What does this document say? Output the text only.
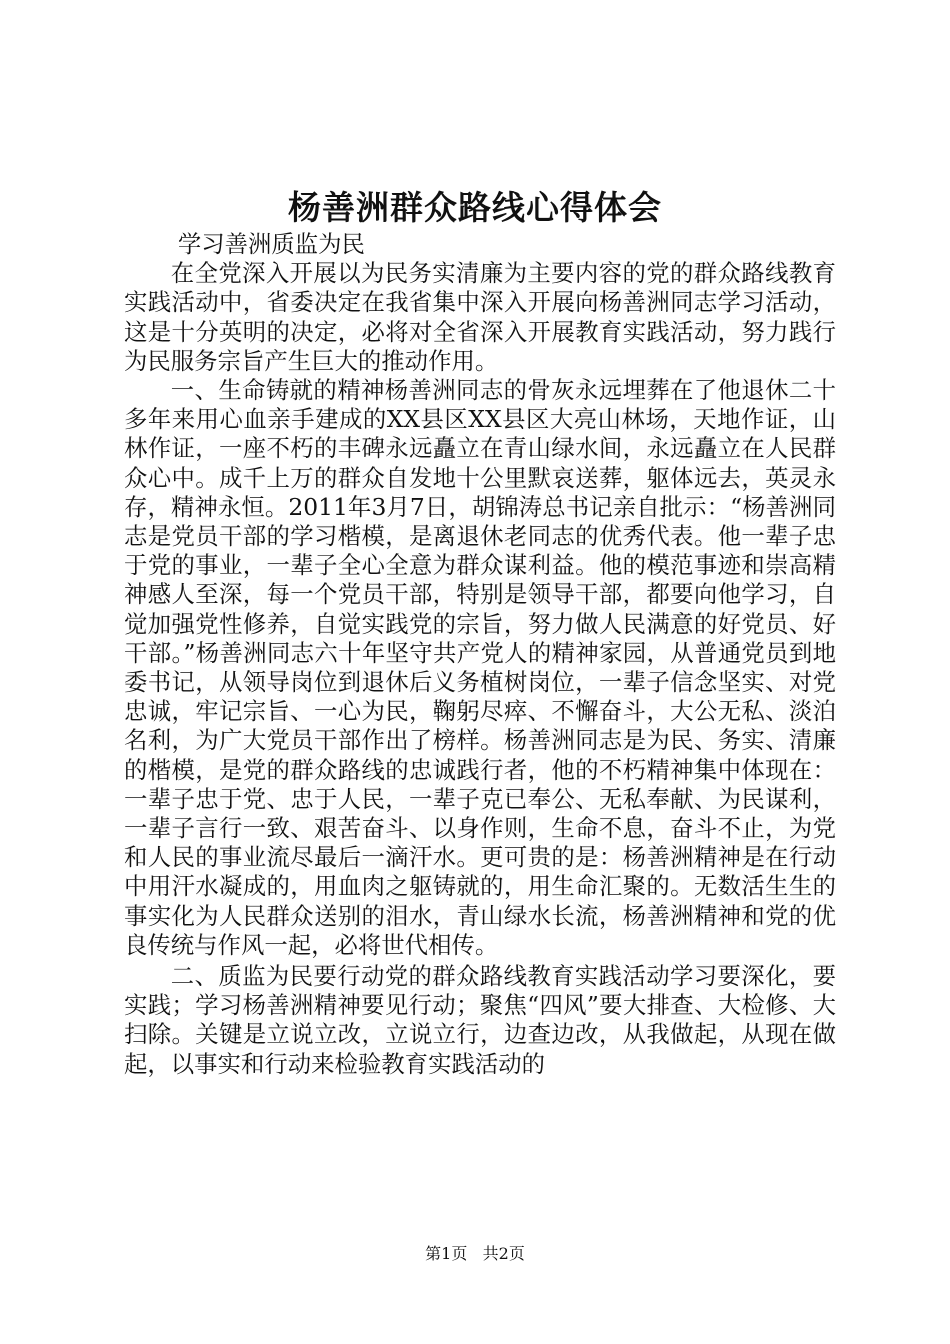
杨善洲群众路线心得体会

学习善洲质监为民

在全党深入开展以为民务实清廉为主要内容的党的群众路线教育实践活动中，省委决定在我省集中深入开展向杨善洲同志学习活动，这是十分英明的决定，必将对全省深入开展教育实践活动，努力践行为民服务宗旨产生巨大的推动作用。

一、生命铸就的精神杨善洲同志的骨灰永远埋葬在了他退休二十多年来用心血亲手建成的XX县区XX县区大亮山林场，天地作证，山林作证，一座不朽的丰碑永远矗立在青山绿水间，永远矗立在人民群众心中。成千上万的群众自发地十公里默哀送葬，躯体远去，英灵永存，精神永恒。2011年3月7日，胡锦涛总书记亲自批示：“杨善洲同志是党员干部的学习楷模，是离退休老同志的优秀代表。他一辈子忠于党的事业，一辈子全心全意为群众谋利益。他的模范事迹和崇高精神感人至深，每一个党员干部，特别是领导干部，都要向他学习，自觉加强党性修养，自觉实践党的宗旨，努力做人民满意的好党员、好干部。”杨善洲同志六十年坚守共产党人的精神家园，从普通党员到地委书记，从领导岗位到退休后义务植树岗位，一辈子信念坚实、对党忠诚，牢记宗旨、一心为民，鞠躬尽瘁、不懈奋斗，大公无私、淡泊名利，为广大党员干部作出了榜样。杨善洲同志是为民、务实、清廉的楷模，是党的群众路线的忠诚践行者，他的不朽精神集中体现在：一辈子忠于党、忠于人民，一辈子克已奉公、无私奉献、为民谋利，一辈子言行一致、艰苦奋斗、以身作则，生命不息，奋斗不止，为党和人民的事业流尽最后一滴汗水。更可贵的是：杨善洲精神是在行动中用汗水凝成的，用血肉之躯铸就的，用生命汇聚的。无数活生生的事实化为人民群众送别的泪水，青山绿水长流，杨善洲精神和党的优良传统与作风一起，必将世代相传。

二、质监为民要行动党的群众路线教育实践活动学习要深化，要实践；学习杨善洲精神要见行动；聚焦“四风”要大排查、大检修、大扫除。关键是立说立改，立说立行，边查边改，从我做起，从现在做起，以事实和行动来检验教育实践活动的

第1页 共2页
